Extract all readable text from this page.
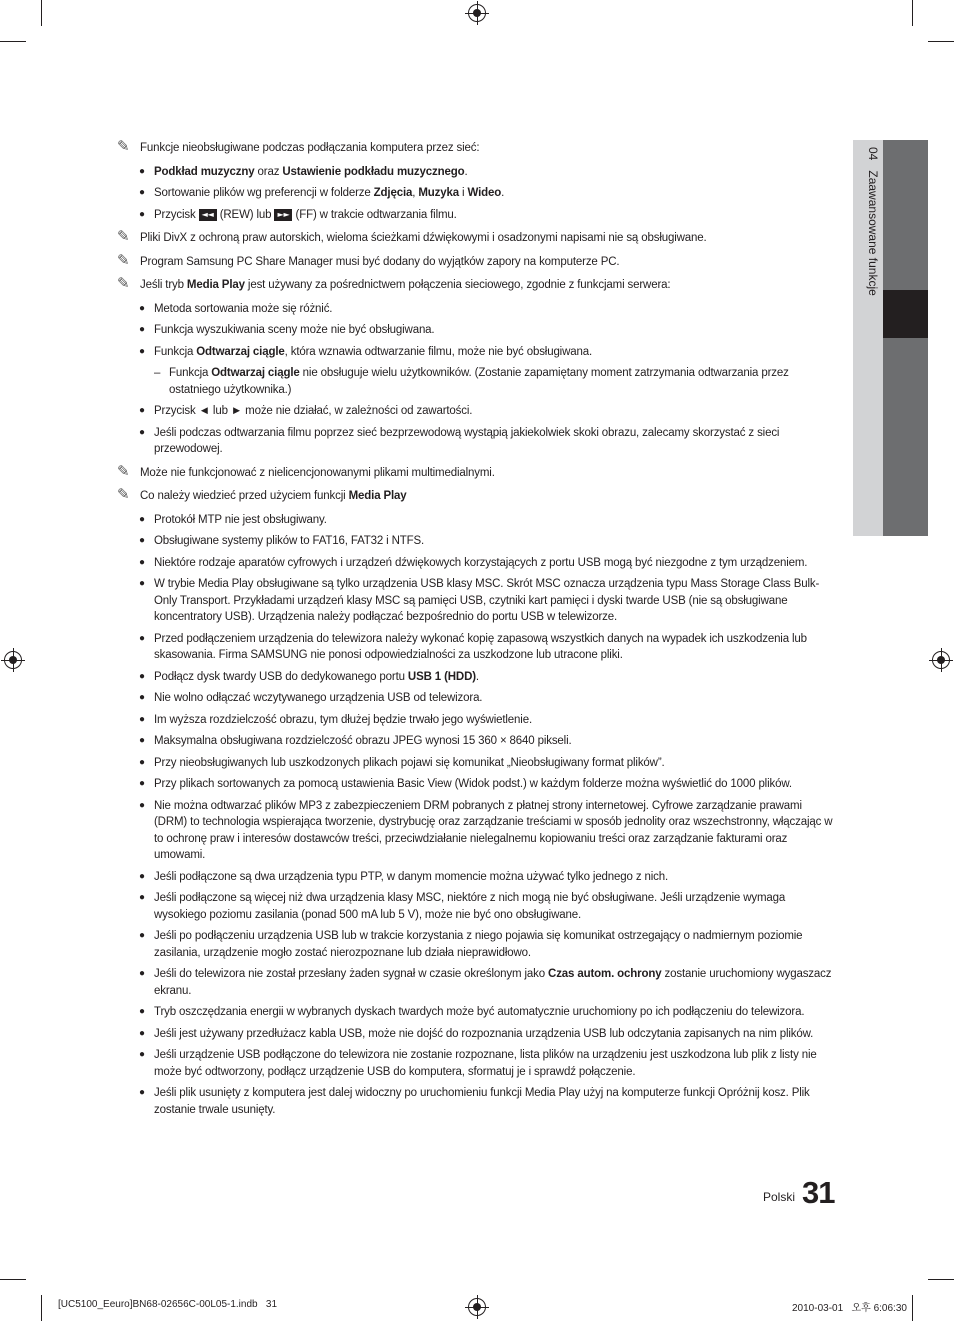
04   Zaawansowane funkcje
✎ Funkcje nieobsługiwane podczas podłączania komputera przez sieć:
● Podkład muzyczny oraz Ustawienie podkładu muzycznego.
● Sortowanie plików wg preferencji w folderze Zdjęcia, Muzyka i Wideo.
● Przycisk ◄◄ (REW) lub ►► (FF) w trakcie odtwarzania filmu.
✎ Pliki DivX z ochroną praw autorskich, wieloma ścieżkami dźwiękowymi i osadzonymi napisami nie są obsługiwane.
✎ Program Samsung PC Share Manager musi być dodany do wyjątków zapory na komputerze PC.
✎ Jeśli tryb Media Play jest używany za pośrednictwem połączenia sieciowego, zgodnie z funkcjami serwera:
● Metoda sortowania może się różnić.
● Funkcja wyszukiwania sceny może nie być obsługiwana.
● Funkcja Odtwarzaj ciągle, która wznawia odtwarzanie filmu, może nie być obsługiwana.
– Funkcja Odtwarzaj ciągle nie obsługuje wielu użytkowników. (Zostanie zapamiętany moment zatrzymania odtwarzania przez ostatniego użytkownika.)
● Przycisk ◄ lub ► może nie działać, w zależności od zawartości.
● Jeśli podczas odtwarzania filmu poprzez sieć bezprzewodową wystąpią jakiekolwiek skoki obrazu, zalecamy skorzystać z sieci przewodowej.
✎ Może nie funkcjonować z nielicencjonowanymi plikami multimedialnymi.
✎ Co należy wiedzieć przed użyciem funkcji Media Play
● Protokół MTP nie jest obsługiwany.
● Obsługiwane systemy plików to FAT16, FAT32 i NTFS.
● Niektóre rodzaje aparatów cyfrowych i urządzeń dźwiękowych korzystających z portu USB mogą być niezgodne z tym urządzeniem.
● W trybie Media Play obsługiwane są tylko urządzenia USB klasy MSC. Skrót MSC oznacza urządzenia typu Mass Storage Class Bulk-Only Transport. Przykładami urządzeń klasy MSC są pamięci USB, czytniki kart pamięci i dyski twarde USB (nie są obsługiwane koncentratory USB). Urządzenia należy podłączać bezpośrednio do portu USB w telewizorze.
● Przed podłączeniem urządzenia do telewizora należy wykonać kopię zapasową wszystkich danych na wypadek ich uszkodzenia lub skasowania. Firma SAMSUNG nie ponosi odpowiedzialności za uszkodzone lub utracone pliki.
● Podłącz dysk twardy USB do dedykowanego portu USB 1 (HDD).
● Nie wolno odłączać wczytywanego urządzenia USB od telewizora.
● Im wyższa rozdzielczość obrazu, tym dłużej będzie trwało jego wyświetlenie.
● Maksymalna obsługiwana rozdzielczość obrazu JPEG wynosi 15 360 × 8640 pikseli.
● Przy nieobsługiwanych lub uszkodzonych plikach pojawi się komunikat „Nieobsługiwany format plików”.
● Przy plikach sortowanych za pomocą ustawienia Basic View (Widok podst.) w każdym folderze można wyświetlić do 1000 plików.
● Nie można odtwarzać plików MP3 z zabezpieczeniem DRM pobranych z płatnej strony internetowej. Cyfrowe zarządzanie prawami (DRM) to technologia wspierająca tworzenie, dystrybucję oraz zarządzanie treściami w sposób jednolity oraz wszechstronny, włączając w to ochronę praw i interesów dostawców treści, przeciwdziałanie nielegalnemu kopiowaniu treści oraz zarządzanie fakturami oraz umowami.
● Jeśli podłączone są dwa urządzenia typu PTP, w danym momencie można używać tylko jednego z nich.
● Jeśli podłączone są więcej niż dwa urządzenia klasy MSC, niektóre z nich mogą nie być obsługiwane. Jeśli urządzenie wymaga wysokiego poziomu zasilania (ponad 500 mA lub 5 V), może nie być ono obsługiwane.
● Jeśli po podłączeniu urządzenia USB lub w trakcie korzystania z niego pojawia się komunikat ostrzegający o nadmiernym poziomie zasilania, urządzenie mogło zostać nierozpoznane lub działa nieprawidłowo.
● Jeśli do telewizora nie został przesłany żaden sygnał w czasie określonym jako Czas autom. ochrony zostanie uruchomiony wygaszacz ekranu.
● Tryb oszczędzania energii w wybranych dyskach twardych może być automatycznie uruchomiony po ich podłączeniu do telewizora.
● Jeśli jest używany przedłużacz kabla USB, może nie dojść do rozpoznania urządzenia USB lub odczytania zapisanych na nim plików.
● Jeśli urządzenie USB podłączone do telewizora nie zostanie rozpoznane, lista plików na urządzeniu jest uszkodzona lub plik z listy nie może być odtworzony, podłącz urządzenie USB do komputera, sformatuj je i sprawdź połączenie.
● Jeśli plik usunięty z komputera jest dalej widoczny po uruchomieniu funkcji Media Play użyj na komputerze funkcji Opróżnij kosz. Plik zostanie trwale usunięty.
Polski 31
[UC5100_Eeuro]BN68-02656C-00L05-1.indb   31	2010-03-01   오후 6:06:30
